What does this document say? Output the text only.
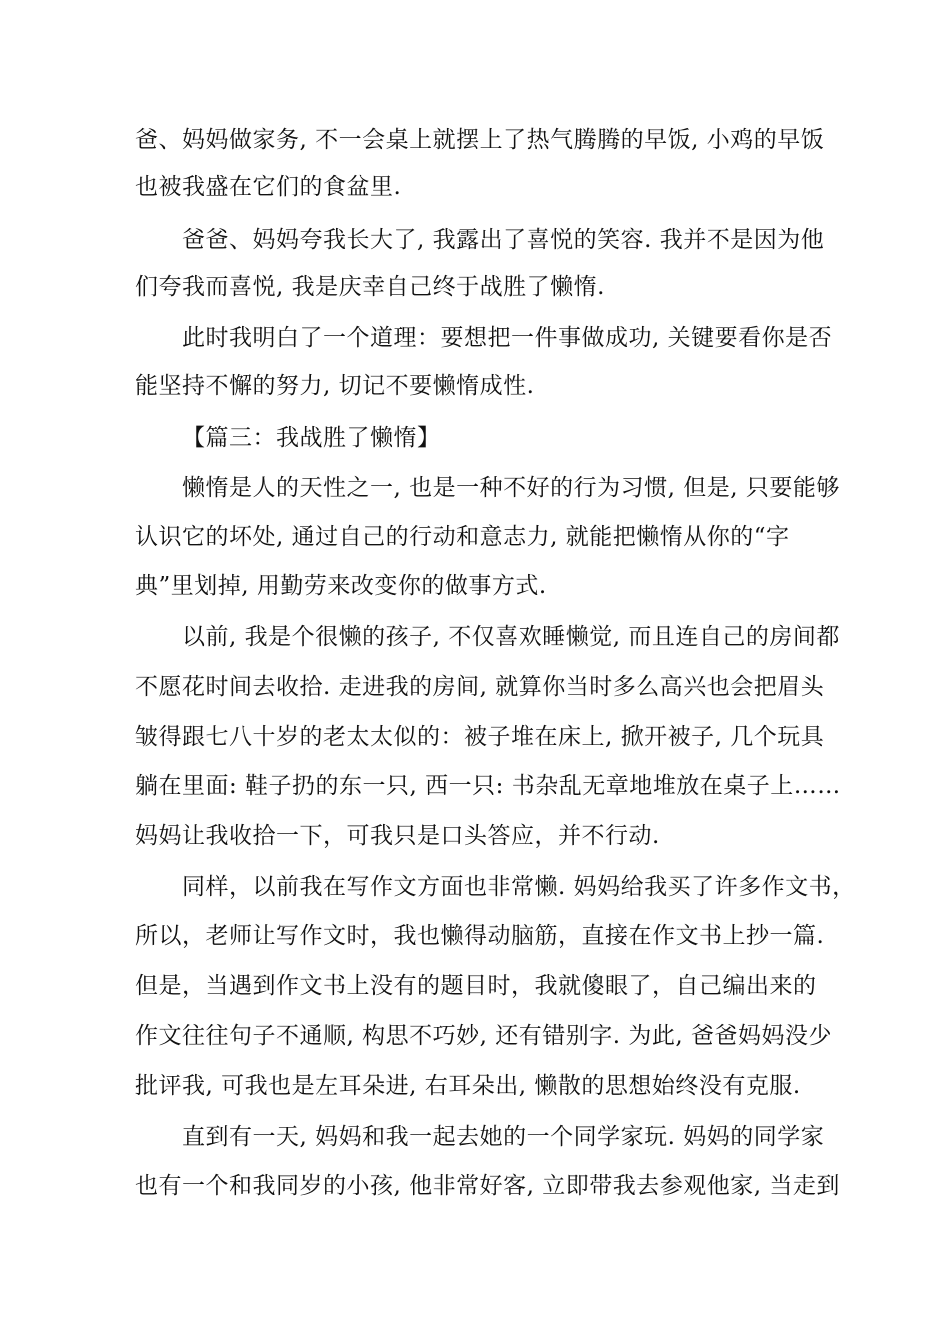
爸、妈妈做家务, 不一会桌上就摆上了热气腾腾的早饭, 小鸡的早饭
也被我盛在它们的食盆里.
爸爸、妈妈夸我长大了, 我露出了喜悦的笑容. 我并不是因为他
们夸我而喜悦, 我是庆幸自己终于战胜了懒惰.
此时我明白了一个道理：要想把一件事做成功, 关键要看你是否
能坚持不懈的努力, 切记不要懒惰成性.
【篇三：我战胜了懒惰】
懒惰是人的天性之一, 也是一种不好的行为习惯, 但是, 只要能够
认识它的坏处, 通过自己的行动和意志力, 就能把懒惰从你的“字
典”里划掉, 用勤劳来改变你的做事方式.
以前, 我是个很懒的孩子, 不仅喜欢睡懒觉, 而且连自己的房间都
不愿花时间去收拾. 走进我的房间, 就算你当时多么高兴也会把眉头
皱得跟七八十岁的老太太似的：被子堆在床上, 掀开被子, 几个玩具
躺在里面: 鞋子扔的东一只, 西一只: 书杂乱无章地堆放在桌子上……
妈妈让我收拾一下，可我只是口头答应，并不行动.
同样，以前我在写作文方面也非常懒. 妈妈给我买了许多作文书，
所以，老师让写作文时，我也懒得动脑筋，直接在作文书上抄一篇.
但是，当遇到作文书上没有的题目时，我就傻眼了，自己编出来的
作文往往句子不通顺, 构思不巧妙, 还有错别字. 为此, 爸爸妈妈没少
批评我, 可我也是左耳朵进, 右耳朵出, 懒散的思想始终没有克服.
直到有一天, 妈妈和我一起去她的一个同学家玩. 妈妈的同学家
也有一个和我同岁的小孩, 他非常好客, 立即带我去参观他家, 当走到
